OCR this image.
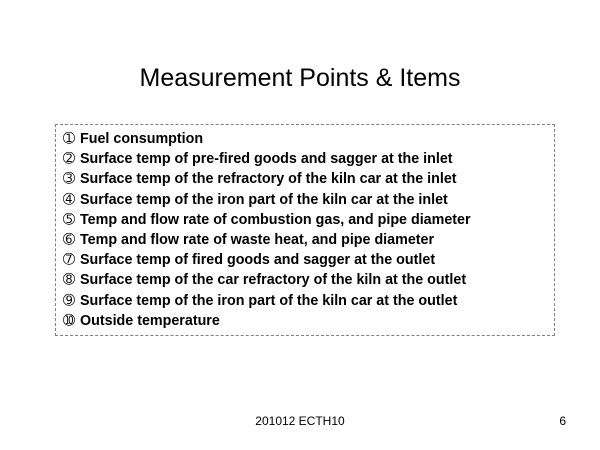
Measurement Points & Items
➀ Fuel consumption
➁ Surface temp of pre-fired goods and sagger at the inlet
➂ Surface temp of the refractory of the kiln car at the inlet
➃ Surface temp of the iron part of the kiln car at the inlet
➄ Temp and flow rate of combustion gas, and pipe diameter
➅ Temp and flow rate of waste heat, and pipe diameter
➆ Surface temp of fired goods and sagger at the outlet
➇ Surface temp of the car refractory of the kiln at the outlet
➈ Surface temp of the iron part of the kiln car at the outlet
➉ Outside temperature
201012 ECTH10	6
